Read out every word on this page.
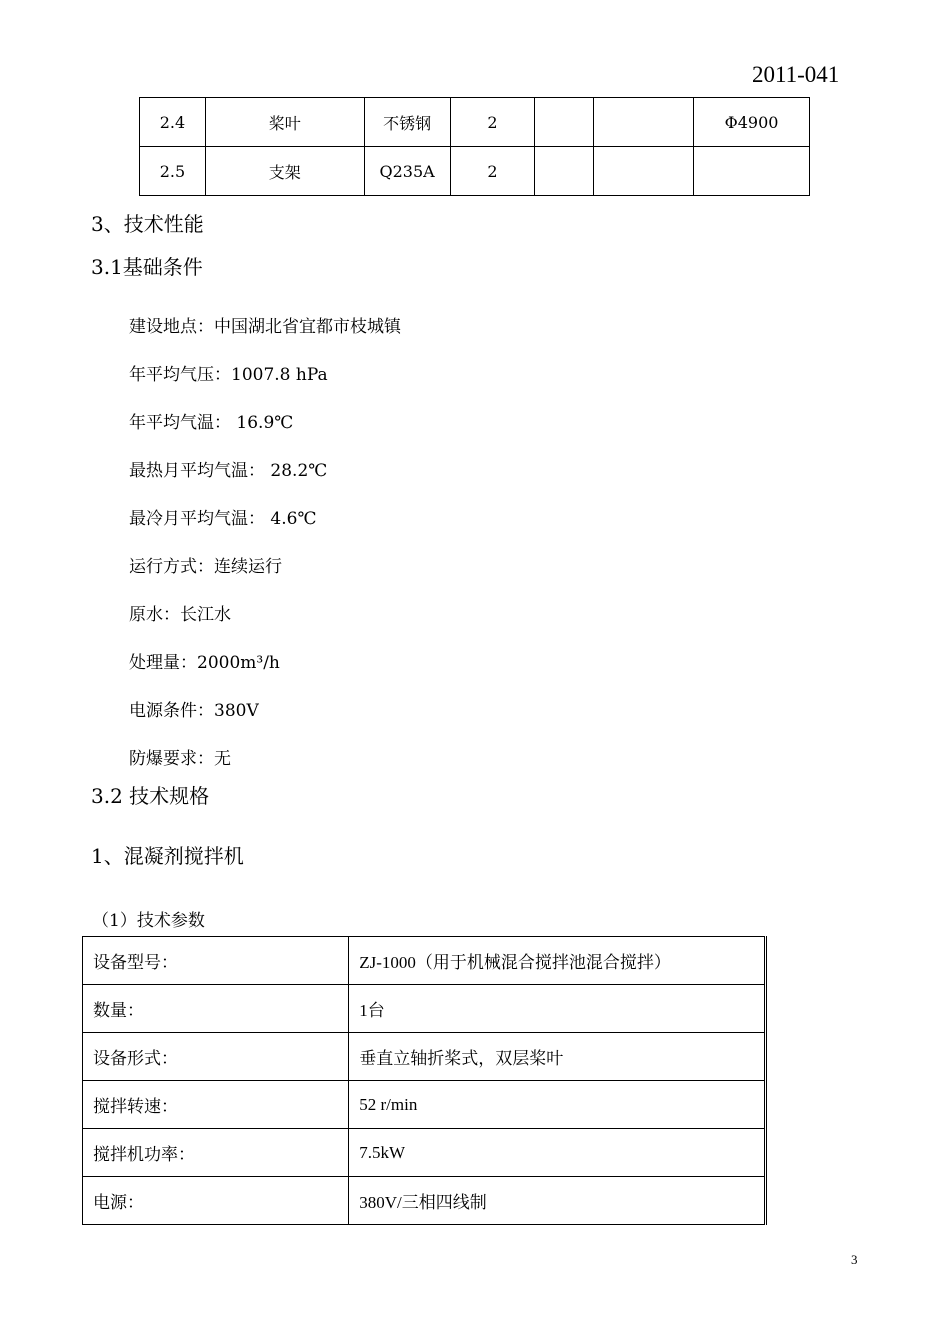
2011-041
2.4	桨叶	不锈钢	2			Φ4900
2.5	支架	Q235A	2			
3、技术性能
3.1基础条件
建设地点：中国湖北省宜都市枝城镇
年平均气压：1007.8 hPa
年平均气温： 16.9℃
最热月平均气温： 28.2℃
最冷月平均气温： 4.6℃
运行方式：连续运行
原水：长江水
处理量：2000m³/h
电源条件：380V
防爆要求：无
3.2 技术规格
1、混凝剂搅拌机
（1）技术参数
设备型号：	ZJ-1000（用于机械混合搅拌池混合搅拌）
数量：	1台
设备形式：	垂直立轴折桨式，双层桨叶
搅拌转速：	52 r/min
搅拌机功率：	7.5kW
电源：	380V/三相四线制
3
